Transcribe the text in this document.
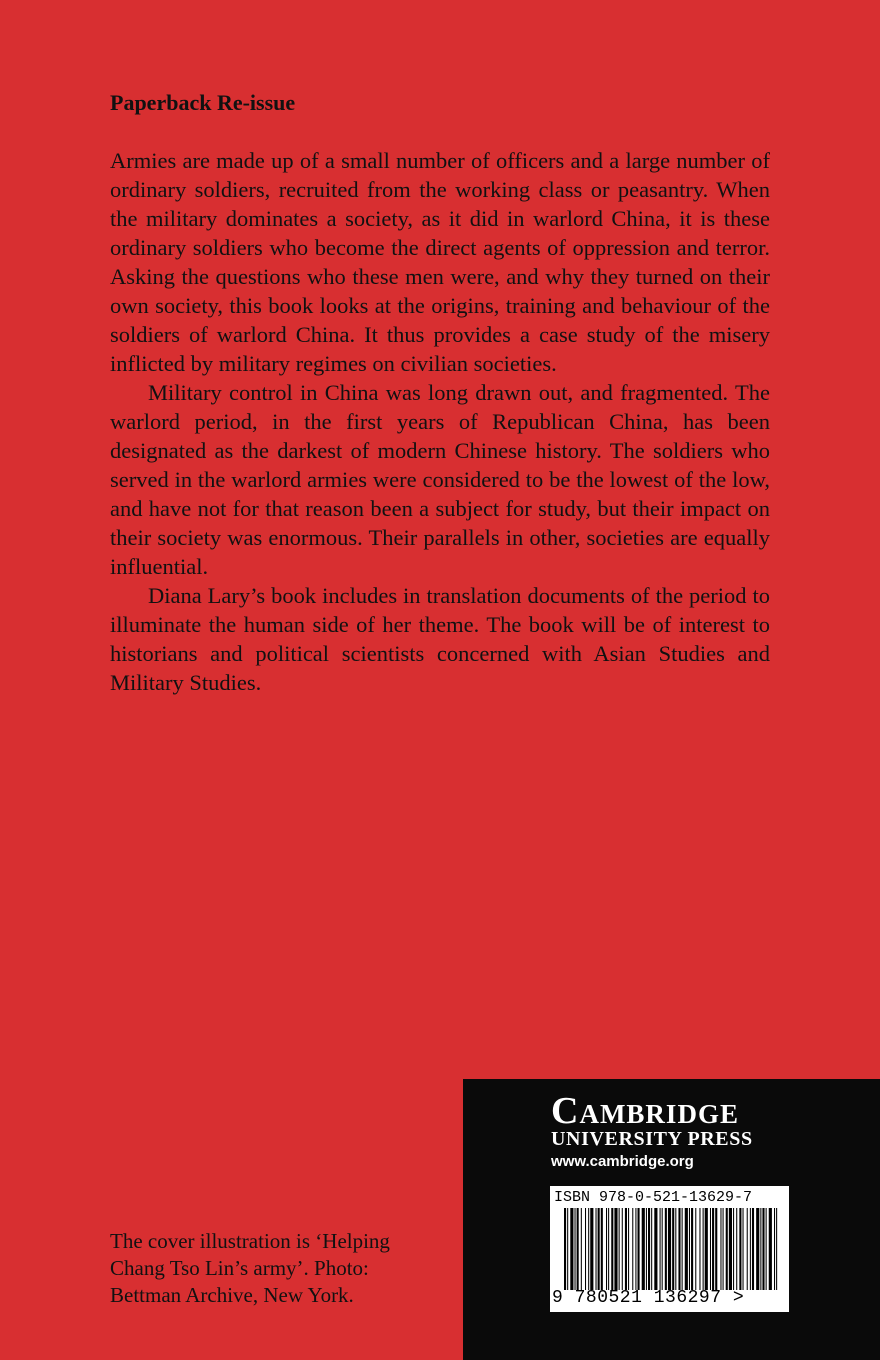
Paperback Re-issue

Armies are made up of a small number of officers and a large number of ordinary soldiers, recruited from the working class or peasantry. When the military dominates a society, as it did in warlord China, it is these ordinary soldiers who become the direct agents of oppression and terror. Asking the questions who these men were, and why they turned on their own society, this book looks at the origins, training and behaviour of the soldiers of warlord China. It thus provides a case study of the misery inflicted by military regimes on civilian societies.

Military control in China was long drawn out, and fragmented. The warlord period, in the first years of Republican China, has been designated as the darkest of modern Chinese history. The soldiers who served in the warlord armies were considered to be the lowest of the low, and have not for that reason been a subject for study, but their impact on their society was enormous. Their parallels in other, societies are equally influential.

Diana Lary’s book includes in translation documents of the period to illuminate the human side of her theme. The book will be of interest to historians and political scientists concerned with Asian Studies and Military Studies.

The cover illustration is ‘Helping Chang Tso Lin’s army’. Photo: Bettman Archive, New York.

Cambridge

UNIVERSITY PRESS

www.cambridge.org

ISBN 978-0-521-13629-7

9 780521 136297 >
